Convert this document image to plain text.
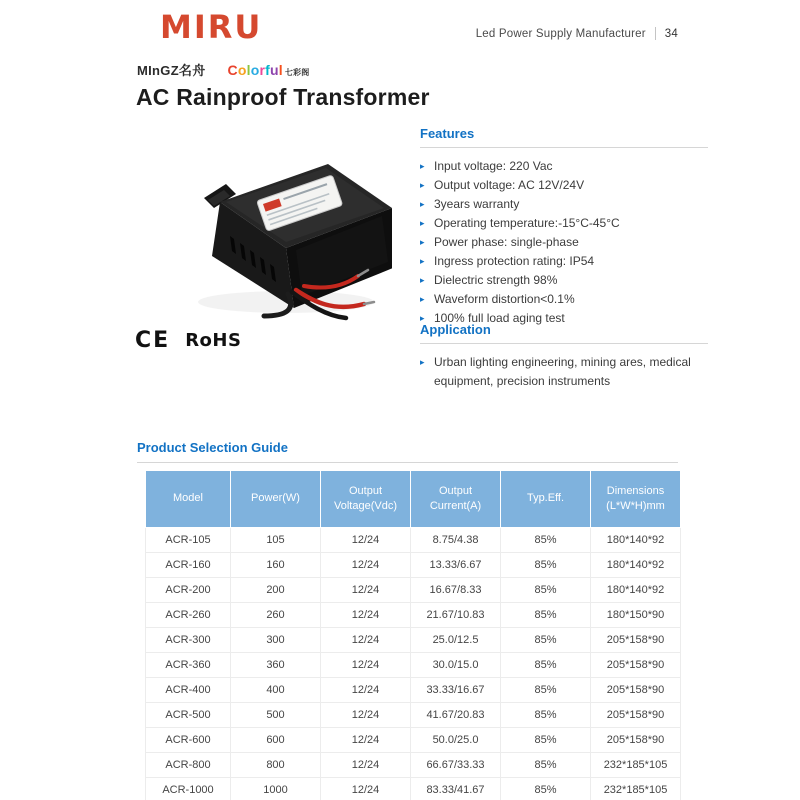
MIRU	Led Power Supply Manufacturer 34
MInGZ名舟 Colorful 七彩阁
AC Rainproof Transformer
CE RoHS
Features
▸ Input voltage: 220 Vac
▸ Output voltage: AC 12V/24V
▸ 3years warranty
▸ Operating temperature:-15°C-45°C
▸ Power phase: single-phase
▸ Ingress protection rating: IP54
▸ Dielectric strength 98%
▸ Waveform distortion<0.1%
▸ 100% full load aging test
Application
▸ Urban lighting engineering, mining ares, medical equipment, precision instruments
Product Selection Guide
Model	Power(W)	Output Voltage(Vdc)	Output Current(A)	Typ.Eff.	Dimensions (L*W*H)mm
ACR-105	105	12/24	8.75/4.38	85%	180*140*92
ACR-160	160	12/24	13.33/6.67	85%	180*140*92
ACR-200	200	12/24	16.67/8.33	85%	180*140*92
ACR-260	260	12/24	21.67/10.83	85%	180*150*90
ACR-300	300	12/24	25.0/12.5	85%	205*158*90
ACR-360	360	12/24	30.0/15.0	85%	205*158*90
ACR-400	400	12/24	33.33/16.67	85%	205*158*90
ACR-500	500	12/24	41.67/20.83	85%	205*158*90
ACR-600	600	12/24	50.0/25.0	85%	205*158*90
ACR-800	800	12/24	66.67/33.33	85%	232*185*105
ACR-1000	1000	12/24	83.33/41.67	85%	232*185*105
